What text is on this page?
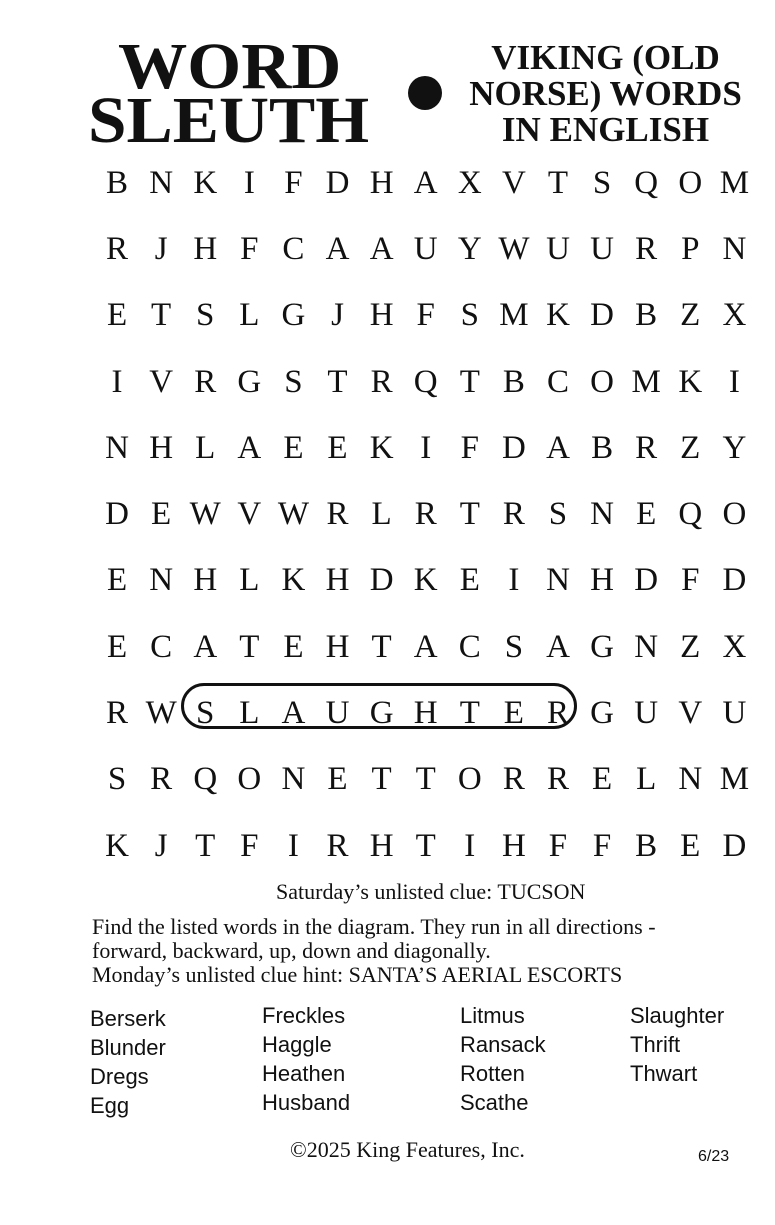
WORD
SLEUTH
VIKING (OLD
NORSE) WORDS
IN ENGLISH
B N K I F D H A X V T S Q O M
R J H F C A A U Y W U U R P N
E T S L G J H F S M K D B Z X
I V R G S T R Q T B C O M K I
N H L A E E K I F D A B R Z Y
D E W V W R L R T R S N E Q O
E N H L K H D K E I N H D F D
E C A T E H T A C S A G N Z X
R W S L A U G H T E R G U V U
S R Q O N E T T O R R E L N M
K J T F I R H T I H F F B E D
Saturday’s unlisted clue: TUCSON
Find the listed words in the diagram. They run in all directions -
forward, backward, up, down and diagonally.
Monday’s unlisted clue hint: SANTA’S AERIAL ESCORTS
Berserk
Blunder
Dregs
Egg
Freckles
Haggle
Heathen
Husband
Litmus
Ransack
Rotten
Scathe
Slaughter
Thrift
Thwart
©2025 King Features, Inc.	6/23
